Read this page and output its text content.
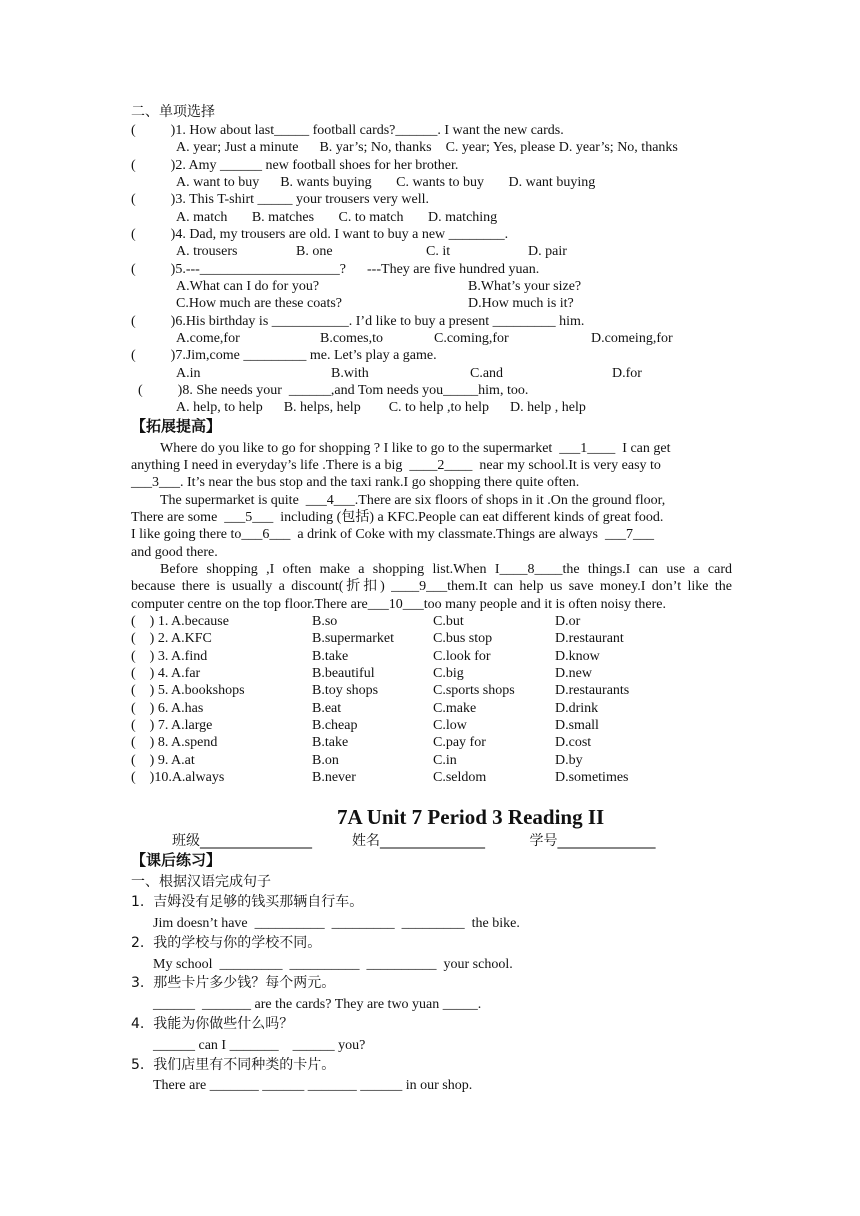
二、单项选择
(          )1. How about last_____ football cards?______. I want the new cards.
A. year; Just a minute      B. yar’s; No, thanks    C. year; Yes, please D. year’s; No, thanks
(          )2. Amy ______ new football shoes for her brother.
A. want to buy      B. wants buying       C. wants to buy       D. want buying
(          )3. This T-shirt _____ your trousers very well.
A. match       B. matches       C. to match       D. matching
(          )4. Dad, my trousers are old. I want to buy a new ________.
A. trousers	B. one	C. it	D. pair
(          )5.---____________________?      ---They are five hundred yuan.
A.What can I do for you?	B.What’s your size?
C.How much are these coats?	D.How much is it?
(          )6.His birthday is ___________. I’d like to buy a present _________ him.
A.come,for	B.comes,to	C.coming,for	D.comeing,for
(          )7.Jim,come _________ me. Let’s play a game.
A.in	B.with	C.and	D.for
(          )8. She needs your  ______,and Tom needs you_____him, too.
A. help, to help      B. helps, help        C. to help ,to help      D. help , help
【拓展提高】
Where do you like to go for shopping ? I like to go to the supermarket  ___1____  I can get
anything I need in everyday’s life .There is a big  ____2____  near my school.It is very easy to
___3___. It’s near the bus stop and the taxi rank.I go shopping there quite often.
The supermarket is quite  ___4___.There are six floors of shops in it .On the ground floor,
There are some  ___5___  including (包括) a KFC.People can eat different kinds of great food.
I like going there to___6___  a drink of Coke with my classmate.Things are always  ___7___
and good there.
Before shopping ,I often make a shopping list.When I____8____the things.I can use a card
because there is usually a discount(折扣) ____9___them.It can help us save money.I don’t like the
computer centre on the top floor.There are___10___too many people and it is often noisy there.
(    ) 1. A.because	B.so	C.but	D.or
(    ) 2. A.KFC	B.supermarket	C.bus stop	D.restaurant
(    ) 3. A.find	B.take	C.look for	D.know
(    ) 4. A.far	B.beautiful	C.big	D.new
(    ) 5. A.bookshops	B.toy shops	C.sports shops	D.restaurants
(    ) 6. A.has	B.eat	C.make	D.drink
(    ) 7. A.large	B.cheap	C.low	D.small
(    ) 8. A.spend	B.take	C.pay for	D.cost
(    ) 9. A.at	B.on	C.in	D.by
(    )10.A.always	B.never	C.seldom	D.sometimes
7A Unit 7 Period 3 Reading II
班级________________         姓名_______________          学号______________
【课后练习】
一、根据汉语完成句子
1.  吉姆没有足够的钱买那辆自行车。
Jim doesn’t have  __________  _________  _________  the bike.
2.  我的学校与你的学校不同。
My school  _________  __________  __________  your school.
3.  那些卡片多少钱？每个两元。
______  _______ are the cards? They are two yuan _____.
4.  我能为你做些什么吗？
______ can I _______    ______ you?
5.  我们店里有不同种类的卡片。
There are _______ ______ _______ ______ in our shop.
